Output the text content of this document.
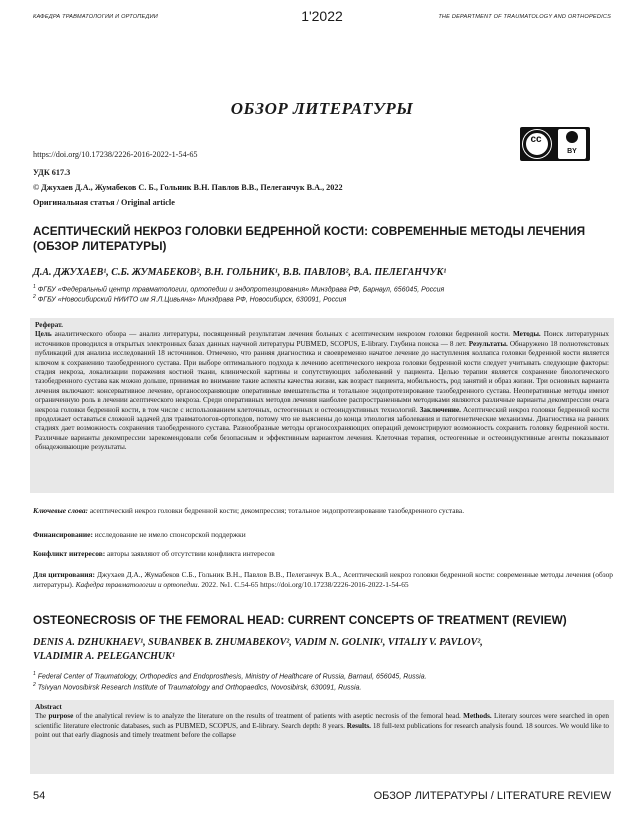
КАФЕДРА ТРАВМАТОЛОГИИ И ОРТОПЕДИИ	1'2022	THE DEPARTMENT OF TRAUMATOLOGY AND ORTHOPEDICS
ОБЗОР ЛИТЕРАТУРЫ
cc
BY
https://doi.org/10.17238/2226-2016-2022-1-54-65
УДК 617.3
© Джухаев Д.А., Жумабеков С. Б., Гольник В.Н. Павлов В.В., Пелеганчук В.А., 2022
Оригинальная статья / Original article
АСЕПТИЧЕСКИЙ НЕКРОЗ ГОЛОВКИ БЕДРЕННОЙ КОСТИ: СОВРЕМЕННЫЕ МЕТОДЫ ЛЕЧЕНИЯ (ОБЗОР ЛИТЕРАТУРЫ)
Д.А. ДЖУХАЕВ¹, С.Б. ЖУМАБЕКОВ², В.Н. ГОЛЬНИК¹, В.В. ПАВЛОВ², В.А. ПЕЛЕГАНЧУК¹
$^1$ ФГБУ «Федеральный центр травматологии, ортопедии и эндопротезирования» Минздрава РФ, Барнаул, 656045, Россия
$^2$ ФГБУ «Новосибирский НИИТО им Я.Л.Цивьяна» Минздрава РФ, Новосибирск, 630091, Россия
Реферат.
Цель аналитического обзора — анализ литературы, посвященный результатам лечения больных с асептическим некрозом головки бедренной кости. Методы. Поиск литературных источников проводился в открытых электронных базах данных научной литературы PUBMED, SCOPUS, E-library. Глубина поиска — 8 лет. Результаты. Обнаружено 18 полнотекстовых публикаций для анализа исследований 18 источников. Отмечено, что ранняя диагностика и своевременно начатое лечение до наступления коллапса головки бедренной кости является ключом к сохранению тазобедренного сустава. При выборе оптимального подхода к лечению асептического некроза головки бедренной кости следует учитывать следующие факторы: стадия некроза, локализации поражения костной ткани, клинической картины и сопутствующих заболеваний у пациента. Целью терапии является сохранение биологического тазобедренного сустава как можно дольше, принимая во внимание такие аспекты качества жизни, как возраст пациента, мобильность, род занятий и образ жизни. Три основных варианта лечения включают: консервативное лечение, органосохраняющие оперативные вмешательства и тотальное эндопротезирование тазобедренного сустава. Неоперативные методы имеют ограниченную роль в лечении асептического некроза. Среди оперативных методов лечения наиболее распространенными методиками являются различные варианты декомпрессии очага некроза головки бедренной кости, в том числе с использованием клеточных, остеогенных и остеоиндуктивных технологий. Заключение. Асептический некроз головки бедренной кости продолжает оставаться сложной задачей для травматологов-ортопедов, потому что не выяснены до конца этиология заболевания и патогенетические механизмы. Диагностика на ранних стадиях дает возможность сохранения тазобедренного сустава. Разнообразные методы органосохраняющих операций демонстрируют возможность сохранить головку бедренной кости. Различные варианты декомпрессии зарекомендовали себя безопасным и эффективным вариантом лечения. Клеточная терапия, остеогенные и остеоиндуктивные агенты показывают обнадеживающие результаты.
Ключевые слова: асептический некроз головки бедренной кости; декомпрессия; тотальное эндопротезирование тазобедренного сустава.
Финансирование: исследование не имело спонсорской поддержки
Конфликт интересов: авторы заявляют об отсутствии конфликта интересов
Для цитирования: Джухаев Д.А., Жумабеков С.Б., Гольник В.Н., Павлов В.В., Пелеганчук В.А., Асептический некроз головки бедренной кости: современные методы лечения (обзор литературы). Кафедра травматологии и ортопедии. 2022. №1. С.54-65 https://doi.org/10.17238/2226-2016-2022-1-54-65
OSTEONECROSIS OF THE FEMORAL HEAD: CURRENT CONCEPTS OF TREATMENT (REVIEW)
DENIS A. DZHUKHAEV¹, SUBANBEK B. ZHUMABEKOV², VADIM N. GOLNIK¹, VITALIY V. PAVLOV²,
VLADIMIR A. PELEGANCHUK¹
$^1$ Federal Center of Traumatology, Orthopedics and Endoprosthesis, Ministry of Healthcare of Russia, Barnaul, 656045, Russia.
$^2$ Tsivyan Novosibirsk Research Institute of Traumatology and Orthopaedics, Novosibirsk, 630091, Russia.
Abstract
The purpose of the analytical review is to analyze the literature on the results of treatment of patients with aseptic necrosis of the femoral head. Methods. Literary sources were searched in open scientific literature electronic databases, such as PUBMED, SCOPUS, and E-library. Search depth: 8 years. Results. 18 full-text publications for research analysis found. 18 sources. We would like to point out that early diagnosis and timely treatment before the collapse
54	ОБЗОР ЛИТЕРАТУРЫ / LITERATURE REVIEW
